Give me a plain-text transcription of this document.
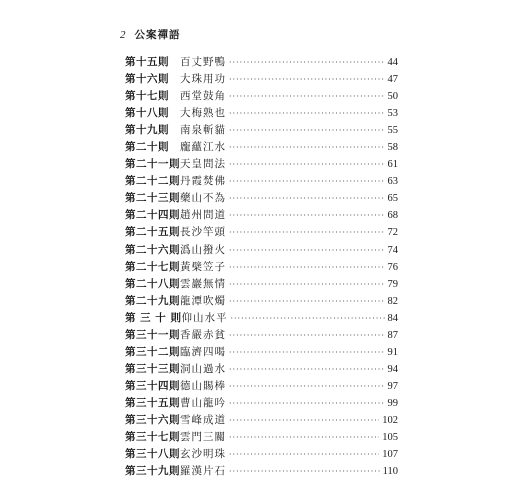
2 公案禪語
第十五則	百丈野鴨 ·····	44
第十六則	大珠用功 ·····	47
第十七則	西堂鼓角 ·····	50
第十八則	大梅熟也 ·····	53
第十九則	南泉斬貓 ·····	55
第二十則	龐蘊江水 ·····	58
第二十一則 天皇問法 ·····	61
第二十二則 丹霞焚佛 ·····	63
第二十三則 藥山不為 ·····	65
第二十四則 趙州問道 ·····	68
第二十五則 長沙竿頭 ·····	72
第二十六則 潙山撥火 ·····	74
第二十七則 黃檗笠子 ·····	76
第二十八則 雲巖無情 ·····	79
第二十九則 龍潭吹燭 ·····	82
第 三 十 則 仰山水平 ·····	84
第三十一則 香嚴赤貧 ·····	87
第三十二則 臨濟四喝 ·····	91
第三十三則 洞山過水 ·····	94
第三十四則 德山賜棒 ·····	97
第三十五則 曹山龍吟 ·····	99
第三十六則 雪峰成道 ·····	102
第三十七則 雲門三關 ·····	105
第三十八則 玄沙明珠 ·····	107
第三十九則 羅漢片石 ·····	110
